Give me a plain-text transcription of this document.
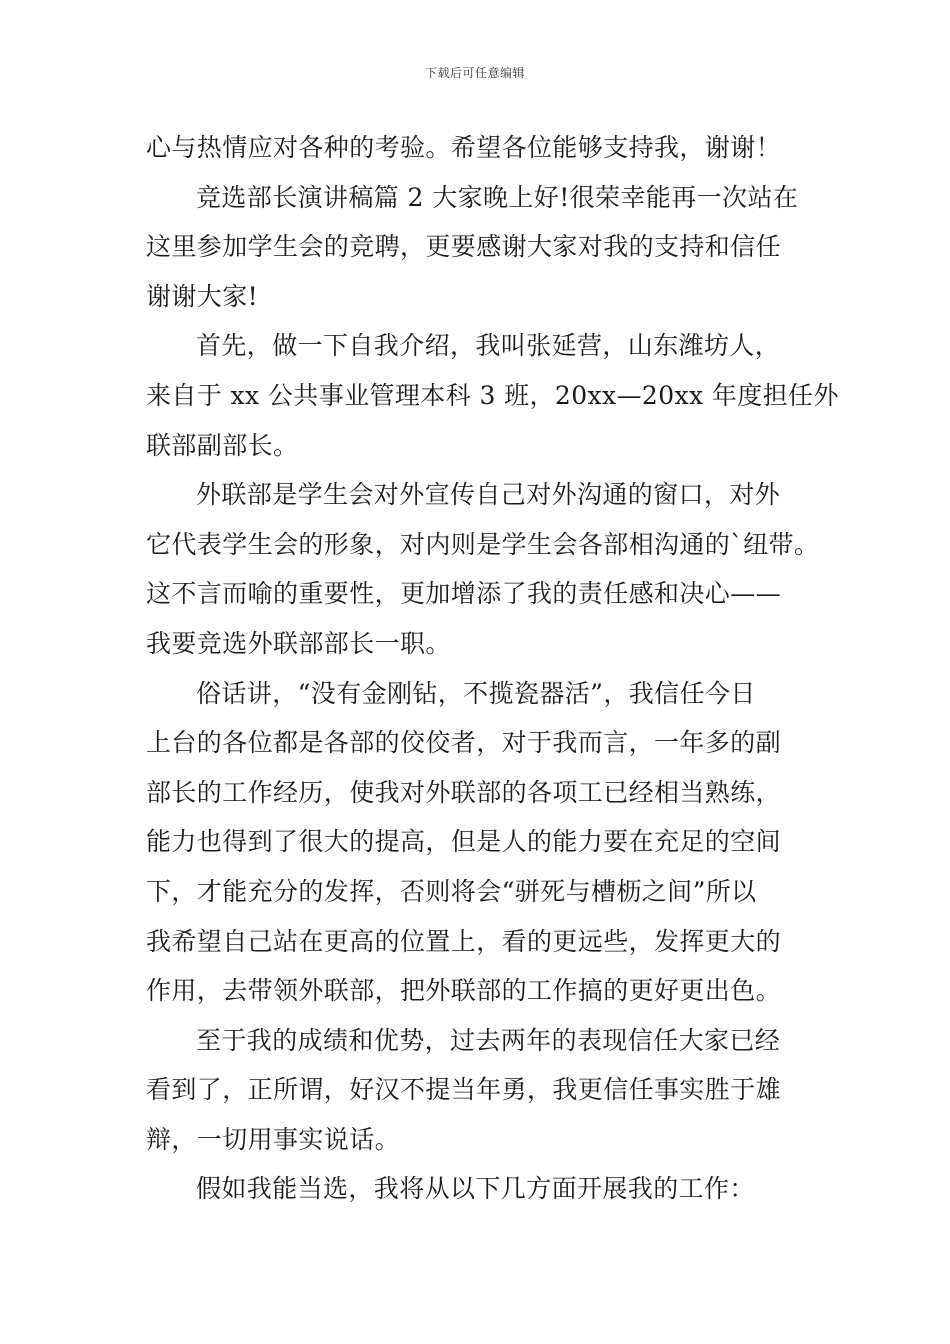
下载后可任意编辑
心与热情应对各种的考验。希望各位能够支持我，谢谢！
竞选部长演讲稿篇 2 大家晚上好!很荣幸能再一次站在
这里参加学生会的竞聘，更要感谢大家对我的支持和信任
谢谢大家!
首先，做一下自我介绍，我叫张延营，山东潍坊人，
来自于 xx 公共事业管理本科 3 班，20xx—20xx 年度担任外
联部副部长。
外联部是学生会对外宣传自己对外沟通的窗口，对外
它代表学生会的形象，对内则是学生会各部相沟通的`纽带。
这不言而喻的重要性，更加增添了我的责任感和决心——
我要竞选外联部部长一职。
俗话讲，“没有金刚钻，不揽瓷器活”，我信任今日
上台的各位都是各部的佼佼者，对于我而言，一年多的副
部长的工作经历，使我对外联部的各项工已经相当熟练，
能力也得到了很大的提高，但是人的能力要在充足的空间
下，才能充分的发挥，否则将会“骈死与槽枥之间”所以
我希望自己站在更高的位置上，看的更远些，发挥更大的
作用，去带领外联部，把外联部的工作搞的更好更出色。
至于我的成绩和优势，过去两年的表现信任大家已经
看到了，正所谓，好汉不提当年勇，我更信任事实胜于雄
辩，一切用事实说话。
假如我能当选，我将从以下几方面开展我的工作：
